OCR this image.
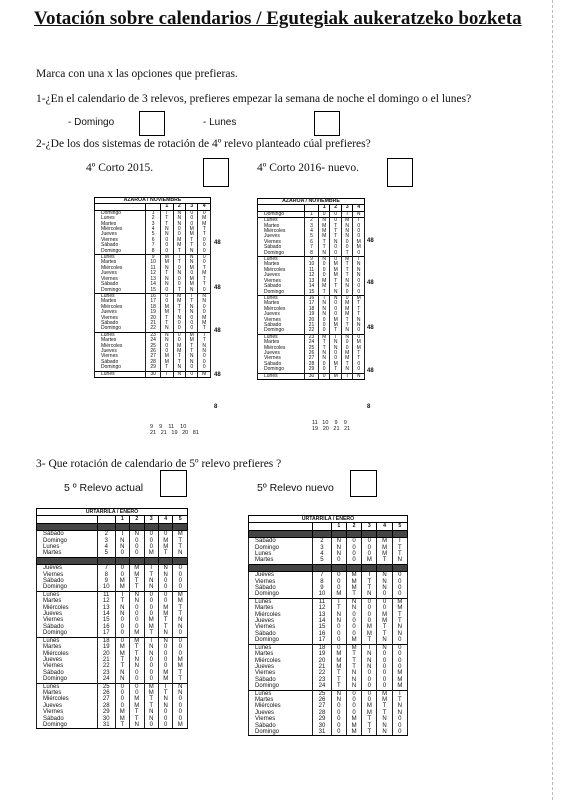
Votación sobre calendarios / Egutegiak aukeratzeko bozketa
Marca con una x las opciones que prefieras.
1-¿En el calendario de 3 relevos, prefieres empezar la semana de noche el domingo o el lunes?
- Domingo	- Lunes
2-¿De los dos sistemas de rotación de 4º relevo planteado cúal prefieres?
4º Corto 2015.	4º Corto 2016- nuevo.
AZAROA / NOVIEMBRE					
		1	2	3	4
Domingo	1	T	N	0	0
Lunes	2	T	N	0	M
Martes	3	T	N	0	M
Miércoles	4	N	0	M	T
Jueves	5	N	0	M	T
Viernes	6	0	M	T	0
Sábado	7	0	M	T	0
Domingo	8	0	T	N	0
Lunes	9	M	T	N	0
Martes	10	M	T	N	0
Miércoles	11	N	0	M	T
Jueves	12	T	N	0	M
Viernes	13	N	0	M	T
Sábado	14	N	0	M	T
Domingo	15	0	T	N	0
Lunes	16	0	M	T	N
Martes	17	0	M	T	N
Miércoles	18	M	T	N	0
Jueves	19	M	T	N	0
Viernes	20	T	N	0	M
Sábado	21	T	0	0	M
Domingo	22	N	0	0	T
Lunes	23	N	0	M	T
Martes	24	N	0	M	T
Miércoles	25	0	M	T	N
Jueves	26	0	M	T	N
Viernes	27	M	T	N	0
Sábado	28	M	T	N	0
Domingo	29	T	N	0	0
Lunes	30	T	N	0	M
9    9    11    10
21   21   19   20   81
AZAROA / NOVIEMBRE					
		1	2	3	4
Domingo	1	0	0	T	N
Lunes	2	N	0	M	T
Martes	3	M	T	N	0
Miércoles	4	M	T	N	0
Jueves	5	M	T	N	0
Viernes	6	T	N	0	M
Sábado	7	T	0	0	M
Domingo	8	N	0	T	0
Lunes	9	N	0	M	T
Martes	10	0	M	T	N
Miércoles	11	0	M	T	N
Jueves	12	0	M	T	N
Viernes	13	M	T	N	0
Sábado	14	M	T	N	0
Domingo	15	T	N	0	0
Lunes	16	T	N	0	M
Martes	17	N	0	M	T
Miércoles	18	N	0	M	T
Jueves	19	N	0	M	T
Viernes	20	0	M	T	N
Sábado	21	0	M	T	N
Domingo	22	0	T	N	0
Lunes	23	M	T	N	0
Martes	24	T	N	0	M
Miércoles	25	T	N	0	M
Jueves	26	N	0	M	T
Viernes	27	N	0	M	T
Sábado	28	0	M	T	0
Domingo	29	0	T	N	0
Lunes	30	0	M	T	N
11   10    9    9
19   20   21   21
3- Que rotación de calendario de 5º relevo prefieres ?
5 º Relevo actual	5º Relevo nuevo
URTARRILA / ENERO						
		1	2	3	4	5

Sábado	2	T	N	0	0	M
Domingo	3	N	0	0	M	T
Lunes	4	N	0	0	M	T
Martes	5	0	0	M	T	N

Jueves	7	0	M	T	N	0
Viernes	8	0	M	T	N	0
Sábado	9	M	T	N	0	0
Domingo	10	M	T	N	0	0
Lunes	11	T	N	0	0	M
Martes	12	T	N	0	0	M
Miércoles	13	N	0	0	M	T
Jueves	14	N	0	0	M	T
Viernes	15	0	0	M	T	N
Sábado	16	0	0	M	T	N
Domingo	17	0	M	T	N	0
Lunes	18	0	M	T	N	0
Martes	19	M	T	N	0	0
Miércoles	20	M	T	N	0	0
Jueves	21	T	N	0	0	M
Viernes	22	T	N	0	0	M
Sábado	23	N	0	0	M	T
Domingo	24	N	0	0	M	T
Lunes	25	0	0	M	T	N
Martes	26	0	0	M	T	N
Miércoles	27	0	M	T	N	0
Jueves	28	0	M	T	N	0
Viernes	29	M	T	N	0	0
Sábado	30	M	T	N	0	0
Domingo	31	T	N	0	0	M
URTARRILA / ENERO						
		1	2	3	4	5

Sábado	2	N	0	0	M	T
Domingo	3	N	0	0	M	T
Lunes	4	N	0	0	M	T
Martes	5	0	0	M	T	N

Jueves	7	0	M	T	N	0
Viernes	8	0	M	T	N	0
Sábado	9	0	M	T	N	0
Domingo	10	M	T	N	0	0
Lunes	11	T	N	0	0	M
Martes	12	T	N	0	0	M
Miércoles	13	N	0	0	M	T
Jueves	14	N	0	0	M	T
Viernes	15	0	0	M	T	N
Sábado	16	0	0	M	T	N
Domingo	17	0	M	T	N	0
Lunes	18	0	M	T	N	0
Martes	19	M	T	N	0	0
Miércoles	20	M	T	N	0	0
Jueves	21	M	T	N	0	0
Viernes	22	T	N	0	0	M
Sábado	23	T	N	0	0	M
Domingo	24	T	N	0	0	M
Lunes	25	N	0	0	M	T
Martes	26	N	0	0	M	T
Miércoles	27	0	0	M	T	N
Jueves	28	0	0	M	T	N
Viernes	29	0	M	T	N	0
Sábado	30	0	M	T	N	0
Domingo	31	0	M	T	N	0
48
48
48
48
8
48
48
48
48
8
